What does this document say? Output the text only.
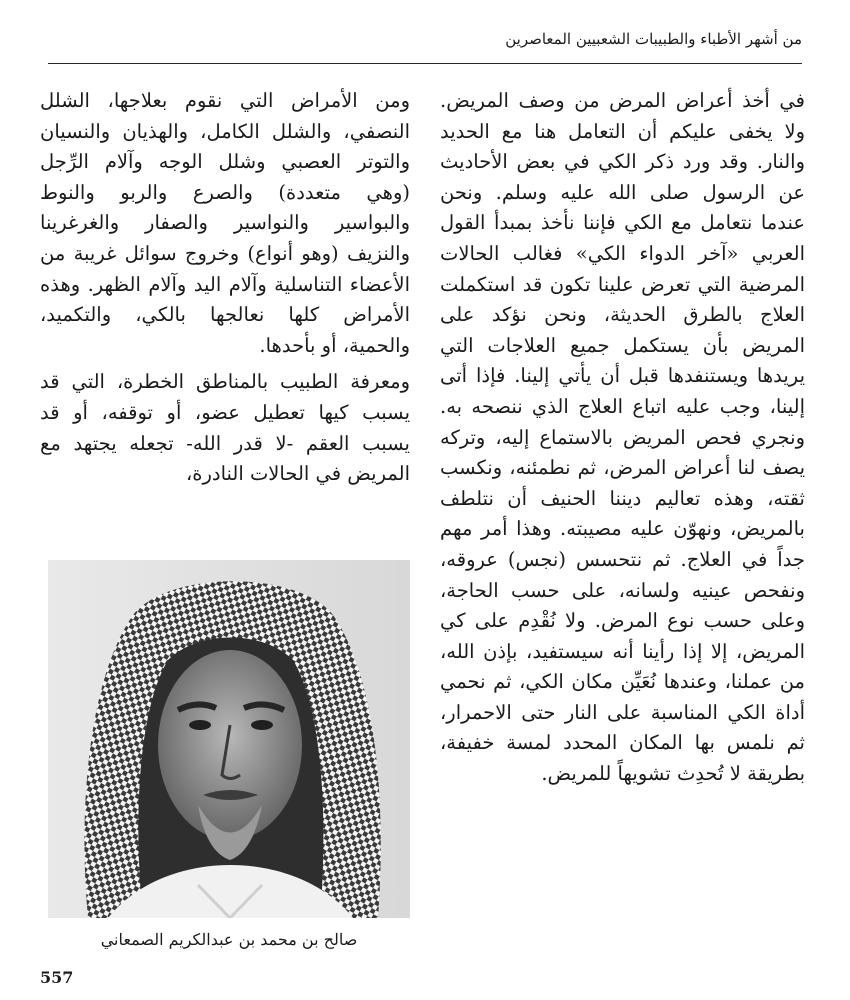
من أشهر الأطباء والطبيبات الشعبيين المعاصرين

في أخذ أعراض المرض من وصف المريض. ولا يخفى عليكم أن التعامل هنا مع الحديد والنار. وقد ورد ذكر الكي في بعض الأحاديث عن الرسول صلى الله عليه وسلم. ونحن عندما نتعامل مع الكي فإننا نأخذ بمبدأ القول العربي «آخر الدواء الكي» فغالب الحالات المرضية التي تعرض علينا تكون قد استكملت العلاج بالطرق الحديثة، ونحن نؤكد على المريض بأن يستكمل جميع العلاجات التي يريدها ويستنفدها قبل أن يأتي إلينا. فإذا أتى إلينا، وجب عليه اتباع العلاج الذي ننصحه به. ونجري فحص المريض بالاستماع إليه، وتركه يصف لنا أعراض المرض، ثم نطمئنه، ونكسب ثقته، وهذه تعاليم ديننا الحنيف أن نتلطف بالمريض، ونهوّن عليه مصيبته. وهذا أمر مهم جداً في العلاج. ثم نتحسس (نجس) عروقه، ونفحص عينيه ولسانه، على حسب الحاجة، وعلى حسب نوع المرض. ولا نُقْدِم على كي المريض، إلا إذا رأينا أنه سيستفيد، بإذن الله، من عملنا، وعندها نُعَيِّن مكان الكي، ثم نحمي أداة الكي المناسبة على النار حتى الاحمرار، ثم نلمس بها المكان المحدد لمسة خفيفة، بطريقة لا تُحدِث تشويهاً للمريض.

ومن الأمراض التي نقوم بعلاجها، الشلل النصفي، والشلل الكامل، والهذيان والنسيان والتوتر العصبي وشلل الوجه وآلام الرِّجل (وهي متعددة) والصرع والربو والنوط والبواسير والنواسير والصفار والغرغرينا والنزيف (وهو أنواع) وخروج سوائل غريبة من الأعضاء التناسلية وآلام اليد وآلام الظهر. وهذه الأمراض كلها نعالجها بالكي، والتكميد، والحمية، أو بأحدها.

ومعرفة الطبيب بالمناطق الخطرة، التي قد يسبب كيها تعطيل عضو، أو توقفه، أو قد يسبب العقم -لا قدر الله- تجعله يجتهد مع المريض في الحالات النادرة،

صالح بن محمد بن عبدالكريم الصمعاني
557
